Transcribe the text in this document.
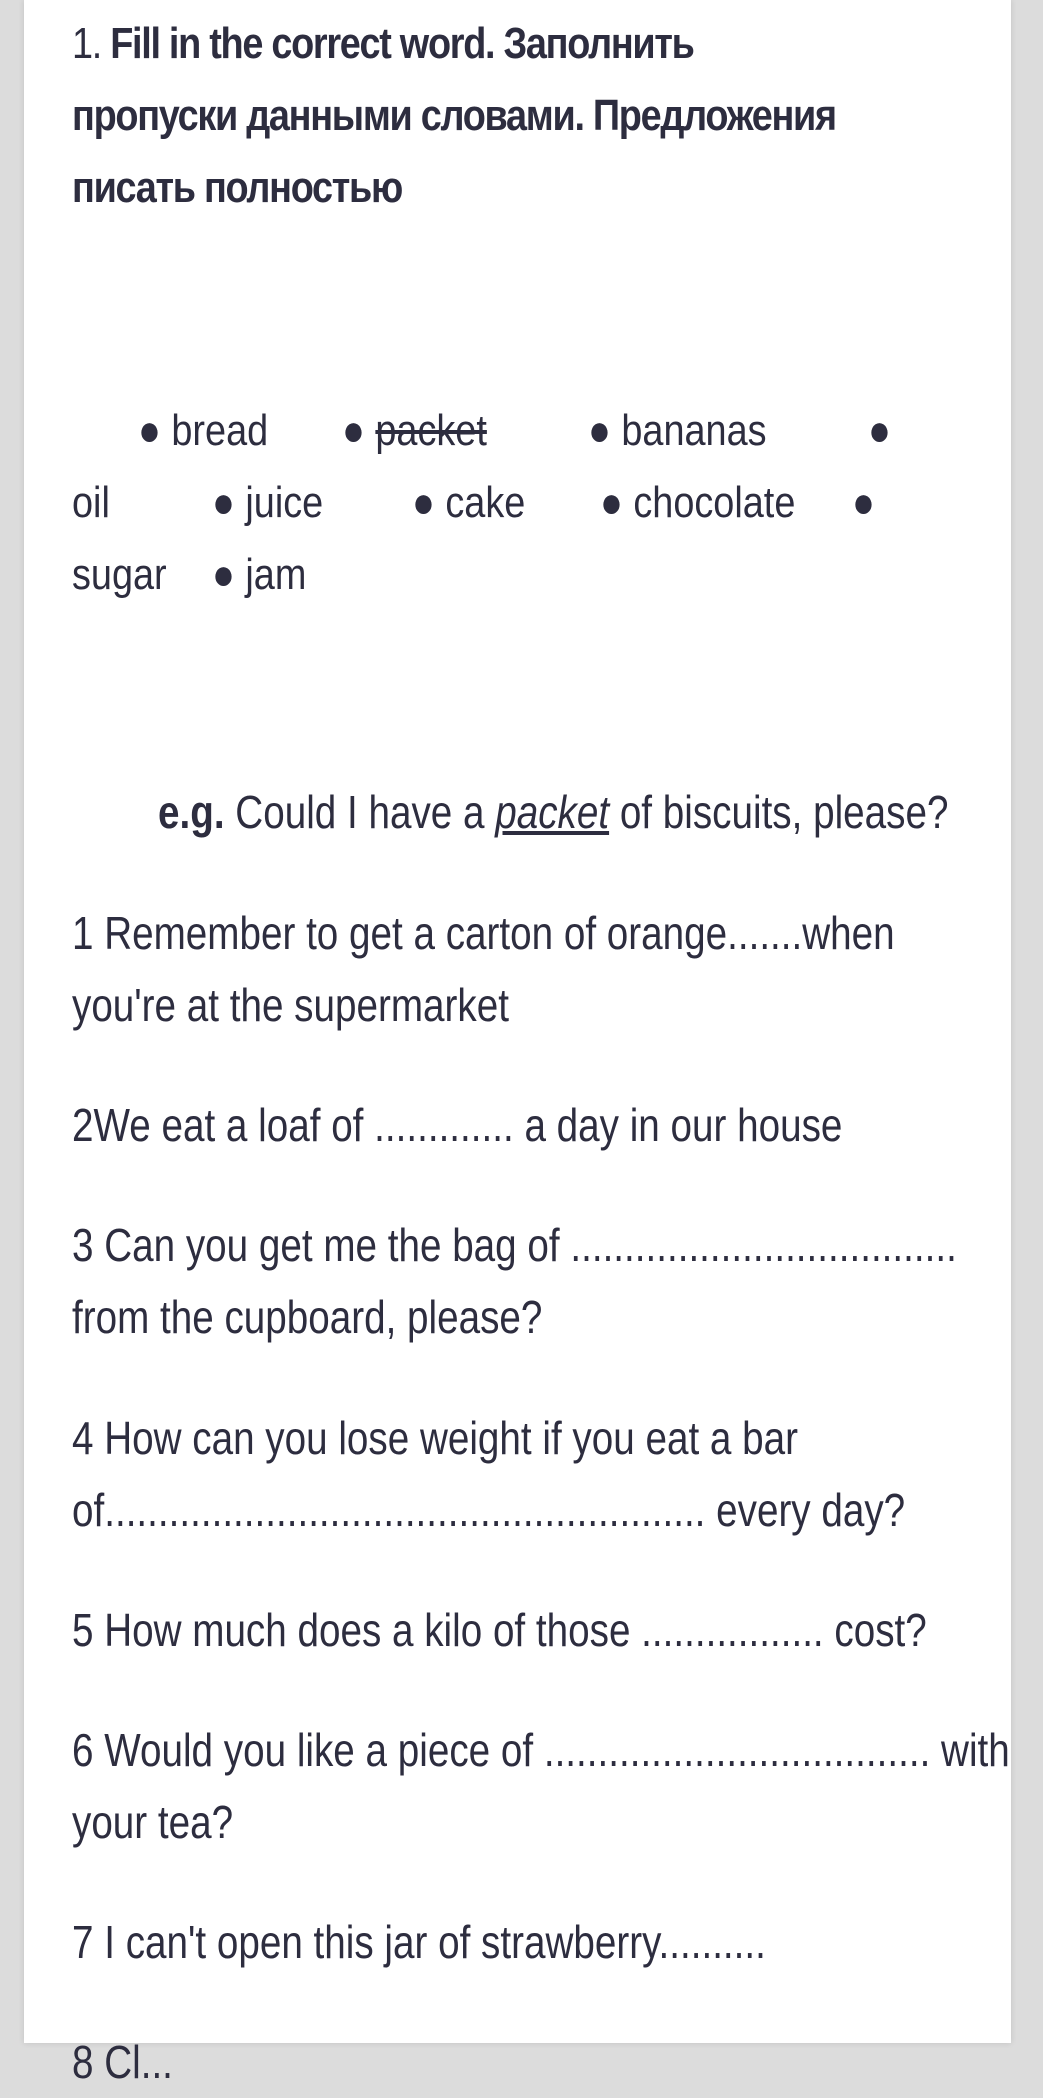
1. Fill in the correct word. Заполнить
пропуски данными словами. Предложения
писать полностью
● bread ● packet ● bananas ●
oil ● juice ● cake ● chocolate ●
sugar ● jam
e.g. Could I have a packet of biscuits, please?
1 Remember to get a carton of orange.......when
you're at the supermarket
2We eat a loaf of ............. a day in our house
3 Can you get me the bag of ....................................
from the cupboard, please?
4 How can you lose weight if you eat a bar
of........................................................ every day?
5 How much does a kilo of those ................. cost?
6 Would you like a piece of .................................... with
your tea?
7 I can't open this jar of strawberry..........
8 Cl...
